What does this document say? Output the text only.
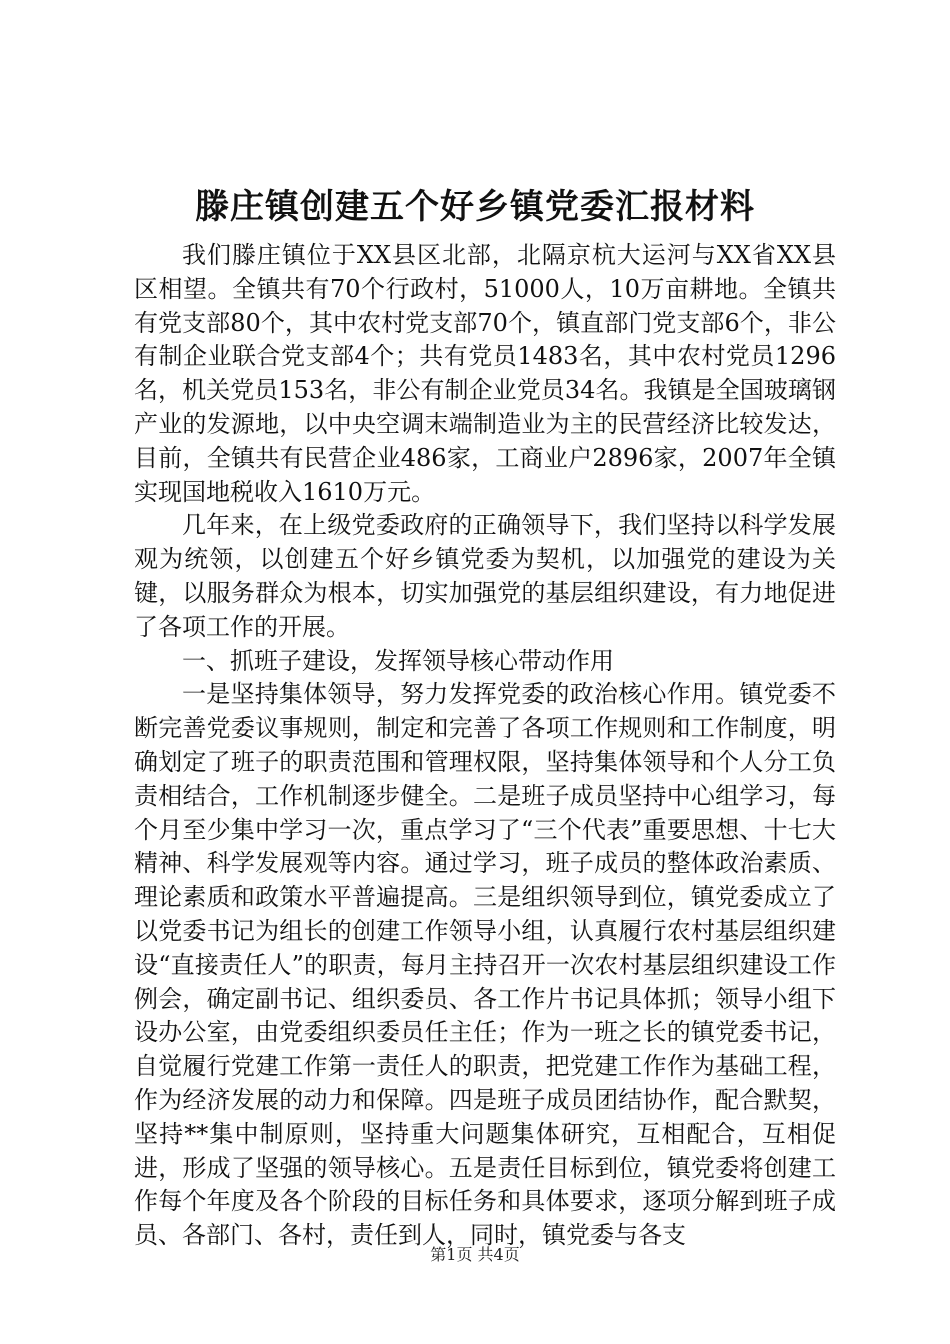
滕庄镇创建五个好乡镇党委汇报材料

我们滕庄镇位于XX县区北部，北隔京杭大运河与XX省XX县区相望。全镇共有70个行政村，51000人，10万亩耕地。全镇共有党支部80个，其中农村党支部70个，镇直部门党支部6个，非公有制企业联合党支部4个；共有党员1483名，其中农村党员1296名，机关党员153名，非公有制企业党员34名。我镇是全国玻璃钢产业的发源地，以中央空调末端制造业为主的民营经济比较发达，目前，全镇共有民营企业486家，工商业户2896家，2007年全镇实现国地税收入1610万元。

几年来，在上级党委政府的正确领导下，我们坚持以科学发展观为统领，以创建五个好乡镇党委为契机，以加强党的建设为关键，以服务群众为根本，切实加强党的基层组织建设，有力地促进了各项工作的开展。

一、抓班子建设，发挥领导核心带动作用

一是坚持集体领导，努力发挥党委的政治核心作用。镇党委不断完善党委议事规则，制定和完善了各项工作规则和工作制度，明确划定了班子的职责范围和管理权限，坚持集体领导和个人分工负责相结合，工作机制逐步健全。二是班子成员坚持中心组学习，每个月至少集中学习一次，重点学习了“三个代表”重要思想、十七大精神、科学发展观等内容。通过学习，班子成员的整体政治素质、理论素质和政策水平普遍提高。三是组织领导到位，镇党委成立了以党委书记为组长的创建工作领导小组，认真履行农村基层组织建设“直接责任人”的职责，每月主持召开一次农村基层组织建设工作例会，确定副书记、组织委员、各工作片书记具体抓；领导小组下设办公室，由党委组织委员任主任；作为一班之长的镇党委书记，自觉履行党建工作第一责任人的职责，把党建工作作为基础工程，作为经济发展的动力和保障。四是班子成员团结协作，配合默契，坚持**集中制原则，坚持重大问题集体研究，互相配合，互相促进，形成了坚强的领导核心。五是责任目标到位，镇党委将创建工作每个年度及各个阶段的目标任务和具体要求，逐项分解到班子成员、各部门、各村，责任到人，同时，镇党委与各支

第1页 共4页
